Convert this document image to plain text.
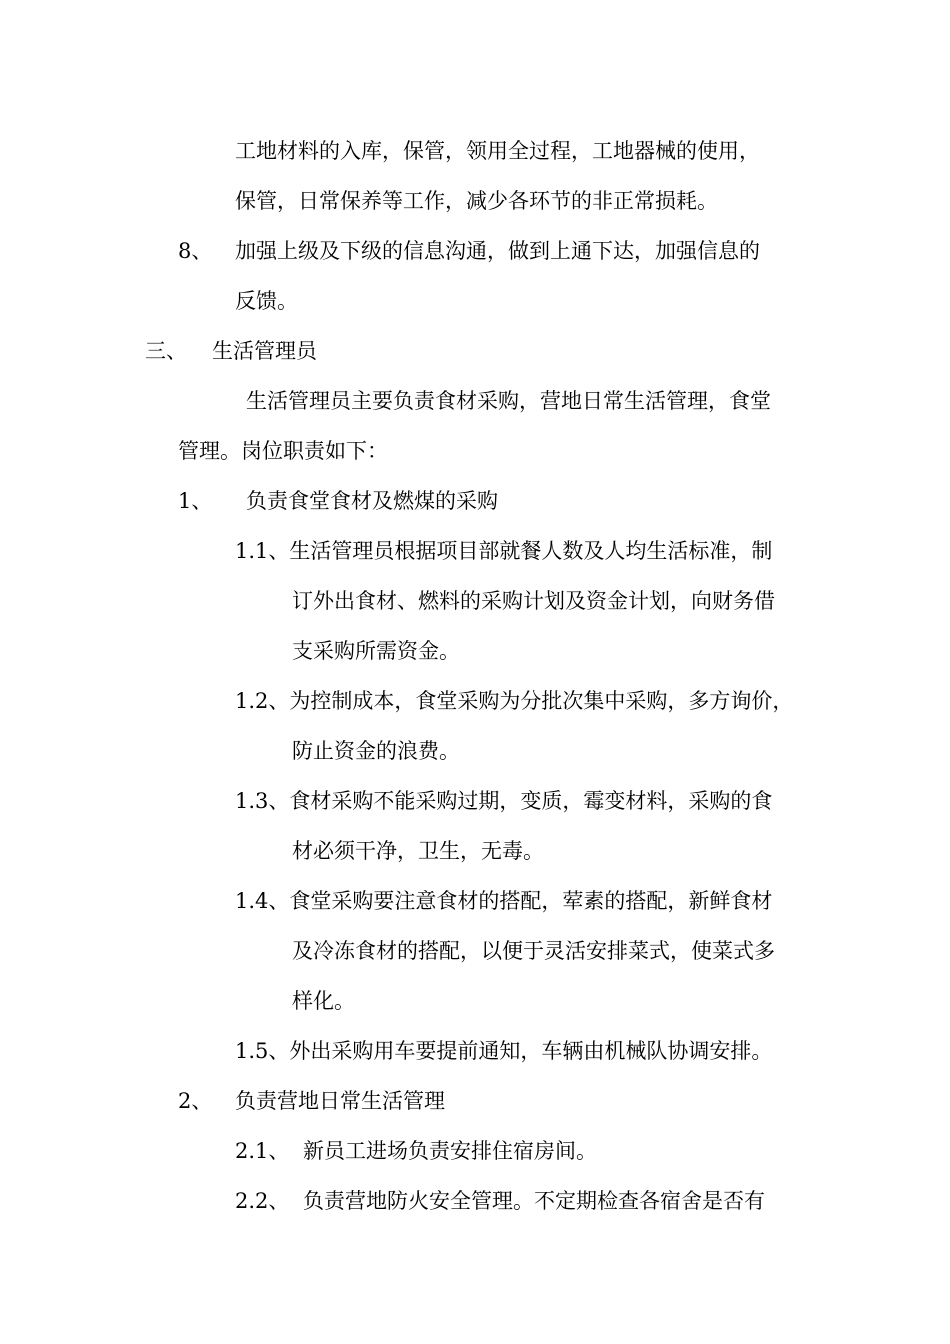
工地材料的入库，保管，领用全过程，工地器械的使用，
保管，日常保养等工作，减少各环节的非正常损耗。
8、 加强上级及下级的信息沟通，做到上通下达，加强信息的
反馈。
三、 生活管理员
生活管理员主要负责食材采购，营地日常生活管理，食堂
管理。岗位职责如下：
1、 负责食堂食材及燃煤的采购
1.1、生活管理员根据项目部就餐人数及人均生活标准，制
订外出食材、燃料的采购计划及资金计划，向财务借
支采购所需资金。
1.2、为控制成本，食堂采购为分批次集中采购，多方询价，
防止资金的浪费。
1.3、食材采购不能采购过期，变质，霉变材料，采购的食
材必须干净，卫生，无毒。
1.4、食堂采购要注意食材的搭配，荤素的搭配，新鲜食材
及冷冻食材的搭配，以便于灵活安排菜式，使菜式多
样化。
1.5、外出采购用车要提前通知，车辆由机械队协调安排。
2、 负责营地日常生活管理
2.1、 新员工进场负责安排住宿房间。
2.2、 负责营地防火安全管理。不定期检查各宿舍是否有
